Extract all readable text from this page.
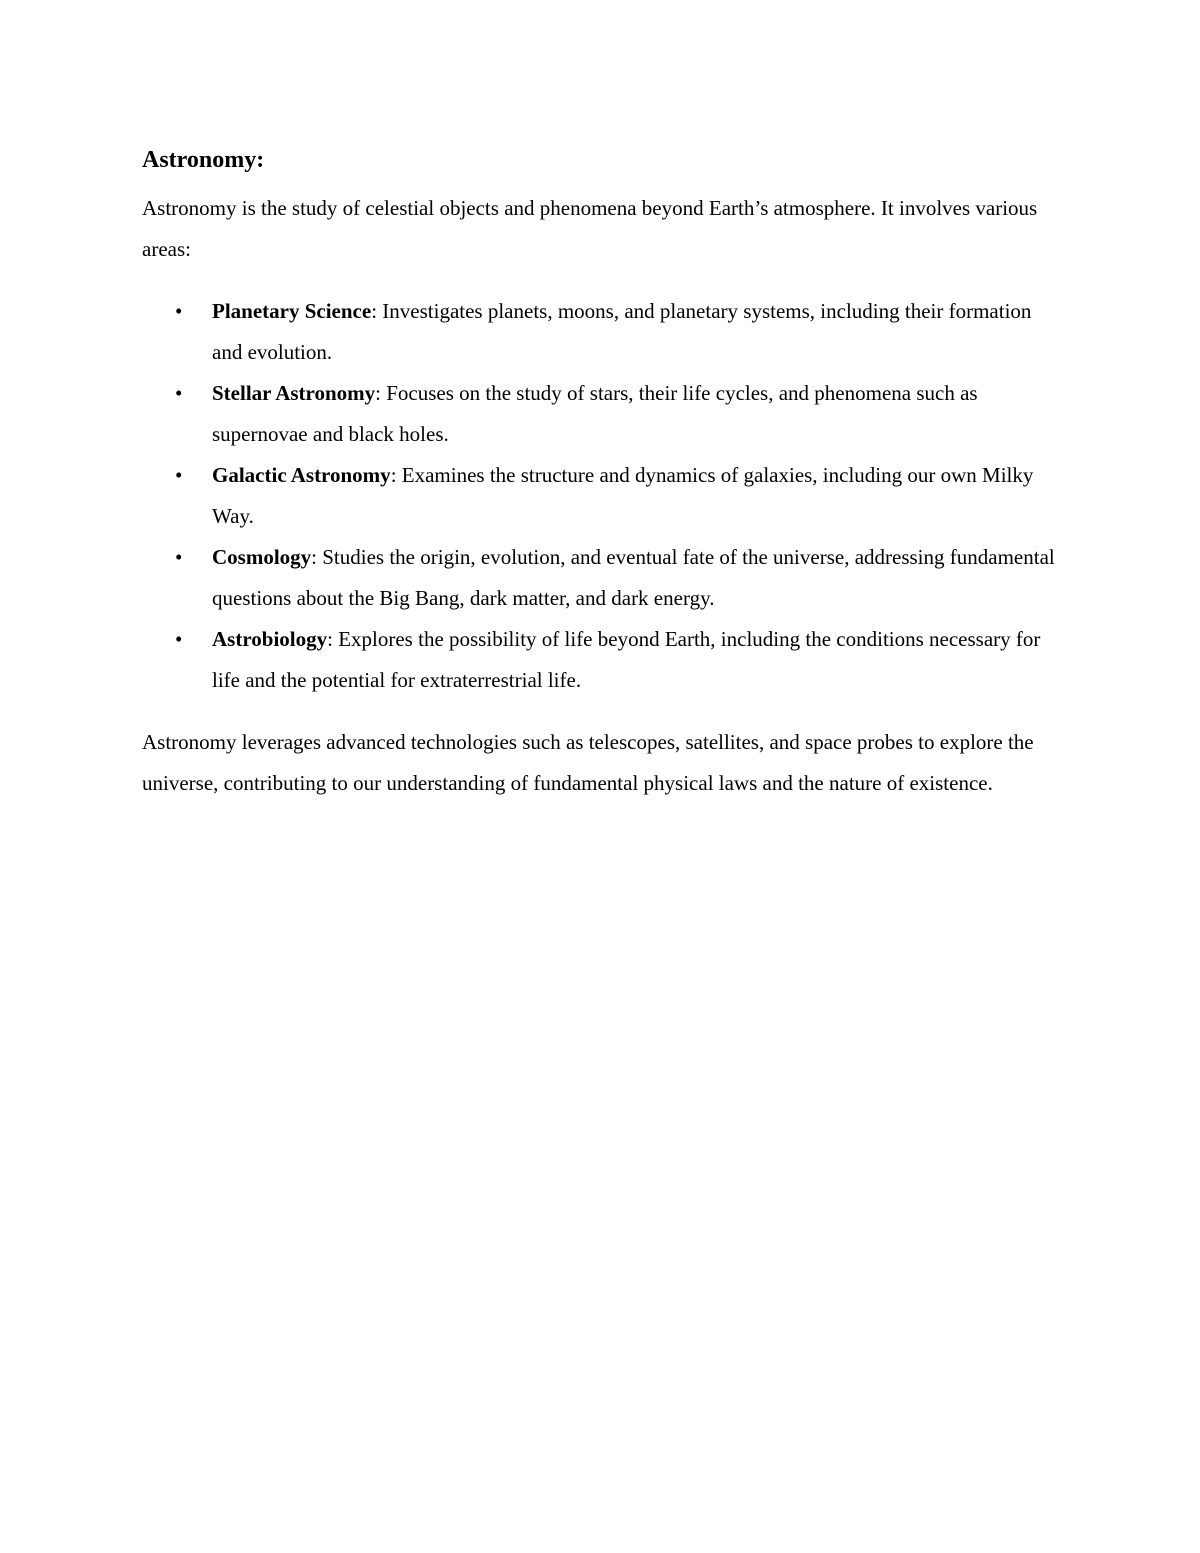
Astronomy:

Astronomy is the study of celestial objects and phenomena beyond Earth’s atmosphere. It involves various areas:

• Planetary Science: Investigates planets, moons, and planetary systems, including their formation and evolution.
• Stellar Astronomy: Focuses on the study of stars, their life cycles, and phenomena such as supernovae and black holes.
• Galactic Astronomy: Examines the structure and dynamics of galaxies, including our own Milky Way.
• Cosmology: Studies the origin, evolution, and eventual fate of the universe, addressing fundamental questions about the Big Bang, dark matter, and dark energy.
• Astrobiology: Explores the possibility of life beyond Earth, including the conditions necessary for life and the potential for extraterrestrial life.

Astronomy leverages advanced technologies such as telescopes, satellites, and space probes to explore the universe, contributing to our understanding of fundamental physical laws and the nature of existence.
